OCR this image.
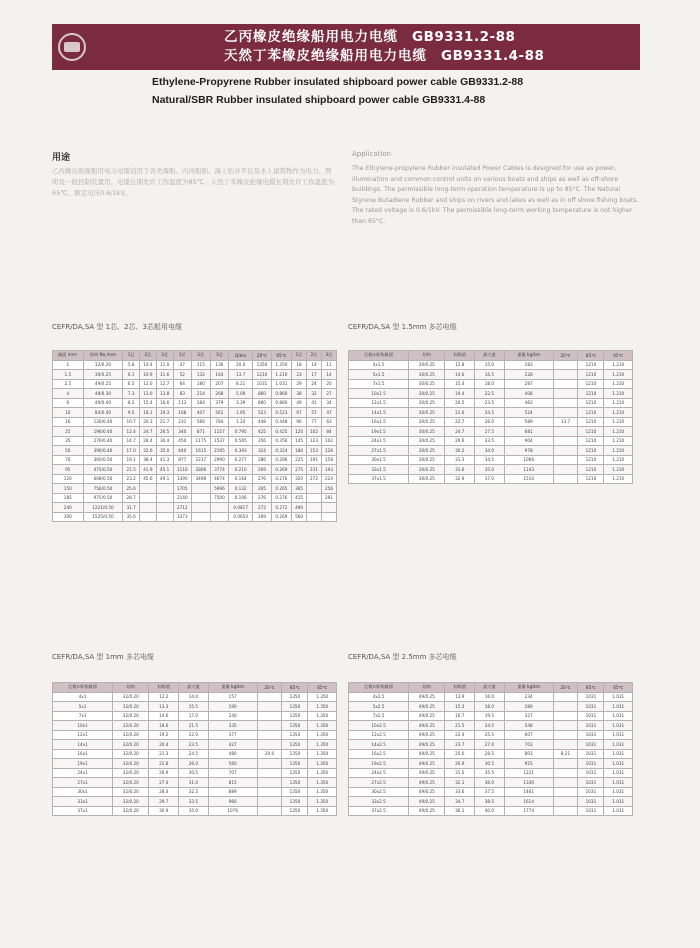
乙丙橡皮绝缘船用电力电缆 GB9331.2-88
天然丁苯橡皮绝缘船用电力电缆 GB9331.4-88
Ethylene-Propyrene Rubber insulated shipboard power cable GB9331.2-88
Natural/SBR Rubber insulated shipboard power cable GB9331.4-88
用途
乙丙橡皮绝缘船用电力电缆适用于各类海船、内河船舶、海上钻井平台及水上建筑物作为电力、照明及一般控制装置用。电缆长期允许工作温度为85℃，天然丁苯橡皮绝缘电缆长期允许工作温度为65℃，额定电压0.6/1kV。
Application
The Ethylene-propylene Rubber insulated Power Cables is designed for use as power, illumination and common control units on various boats and ships as well as off-shore buildings. The permissible long-term operation temperature is up to 85°C. The Natural Styrene Butadiene Rubber and ships on rivers and lakes as well as in off shore fishing boats. The rated voltage is 0.6/1kV. The permissible long-term working temperature is not higher than 65°C.
CEFR/DA,SA 型 1芯、2芯、3芯船用电缆	CEFR/DA,SA 型 1.5mm 多芯电缆
CEFR/DA,SA 型 1mm 多芯电缆	CEFR/DA,SA 型 2.5mm 多芯电缆
截面 mm²	结构 No./mm	1芯	2芯	3芯	1芯	2芯	3芯	Ω/km	20℃	65℃	1芯	2芯	3芯
1	32/0.20	5.8	10.4	11.0	47	115	136	20.0	1350	1.350	18	14	11
1.5	30/0.25	6.1	10.9	11.6	52	132	164	13.7	1210	1.210	23	17	14
2.5	49/0.25	6.5	12.0	12.7	64	180	207	8.21	1031	1.031	29	24	20
4	49/0.30	7.3	13.0	13.8	83	214	268	5.09	860	0.860	38	32	27
6	49/0.40	8.2	15.4	16.6	113	284	379	3.39	860	0.860	49	41	34
10	84/0.40	9.5	18.1	19.3	168	407	561	1.95	523	0.523	67	57	47
16	126/0.40	10.7	20.3	21.7	231	566	784	1.24	448	0.448	90	77	63
25	196/0.40	12.4	24.7	26.5	340	871	1157	0.795	425	0.425	120	102	84
35	276/0.40	14.7	28.4	30.4	450	1175	1537	0.565	356	0.356	145	123	102
50	396/0.40	17.0	32.6	35.0	640	1615	2195	0.393	324	0.324	180	153	126
70	360/0.50	19.1	38.4	41.3	877	2237	2990	0.277	286	0.286	225	191	158
95	475/0.50	21.5	41.9	45.1	1116	2806	3774	0.210	269	0.269	275	231	193
120	608/0.50	23.2	45.6	49.1	1390	3498	4674	0.164	276	0.276	320	272	224
150	756/0.50	25.6			1705		5996	0.132	265	0.265	365		256
185	975/0.50	28.7			2140		7500	0.106	276	0.276	415		291
240	1221/0.50	31.7			2712			0.0817	272	0.272	490		
300	1525/0.50	35.6			3373			0.0654	269	0.269	560		
芯数×标称截面	结构	标称值	最大值	重量 kg/km	20℃	85℃	65℃
4x1.5	30/0.25	12.8	15.0	183		1210	1.210
5x1.5	30/0.25	14.0	16.5	228		1210	1.210
7x1.5	30/0.25	15.4	18.0	287		1210	1.210
10x1.5	30/0.25	19.4	22.5	408		1210	1.210
12x1.5	30/0.25	20.5	23.5	463		1210	1.210
14x1.5	30/0.25	21.6	24.5	524		1210	1.210
16x1.5	30/0.25	22.7	26.0	589	13.7	1210	1.210
19x1.5	30/0.25	24.7	27.5	681		1210	1.210
24x1.5	30/0.25	29.6	33.5	904		1210	1.210
27x1.5	30/0.25	30.2	34.0	978		1210	1.210
30x1.5	30/0.25	31.3	34.5	1066		1210	1.210
33x1.5	30/0.25	31.6	35.0	1143		1210	1.210
37x1.5	30/0.25	32.9	37.0	1510		1210	1.210
芯数×标称截面	结构	标称值	最大值	重量 kg/km	20℃	85℃	65℃
4x1	32/0.20	12.2	14.0	157		1350	1.350
5x1	32/0.20	13.3	15.5	190		1350	1.350
7x1	32/0.20	14.6	17.0	240		1350	1.350
10x1	32/0.20	18.6	21.5	335		1350	1.350
12x1	32/0.20	19.2	22.0	377		1350	1.350
14x1	32/0.20	20.4	23.5	427		1350	1.350
16x1	32/0.20	21.3	24.5	480	20.0	1350	1.350
19x1	32/0.20	22.8	26.0	560		1350	1.350
24x1	32/0.20	26.9	30.5	707		1350	1.350
27x1	32/0.20	27.4	31.0	815		1350	1.350
30x1	32/0.20	28.4	32.5	889		1350	1.350
33x1	32/0.20	29.7	33.5	966		1350	1.350
37x1	32/0.20	30.9	35.0	1076		1350	1.350
芯数×标称截面	结构	标称值	最大值	重量 kg/km	20℃	85℃	65℃
4x2.5	49/0.25	13.9	16.0	234		1031	1.031
5x2.5	49/0.25	15.3	18.0	289		1031	1.031
7x2.5	49/0.25	16.7	19.5	327		1031	1.031
10x2.5	49/0.25	21.5	24.5	548		1031	1.031
12x2.5	49/0.25	22.4	25.5	607		1031	1.031
14x2.5	49/0.25	23.7	27.0	703		1031	1.031
16x2.5	49/0.25	25.0	28.5	803	8.21	1031	1.031
19x2.5	49/0.25	26.9	30.5	925		1031	1.031
24x2.5	49/0.25	31.5	35.5	1221		1031	1.031
27x2.5	49/0.25	32.1	36.0	1336		1031	1.031
30x2.5	49/0.25	33.6	37.5	1461		1031	1.031
33x2.5	49/0.25	34.7	38.5	1614		1031	1.031
37x2.5	49/0.25	36.1	40.0	1774		1031	1.031
